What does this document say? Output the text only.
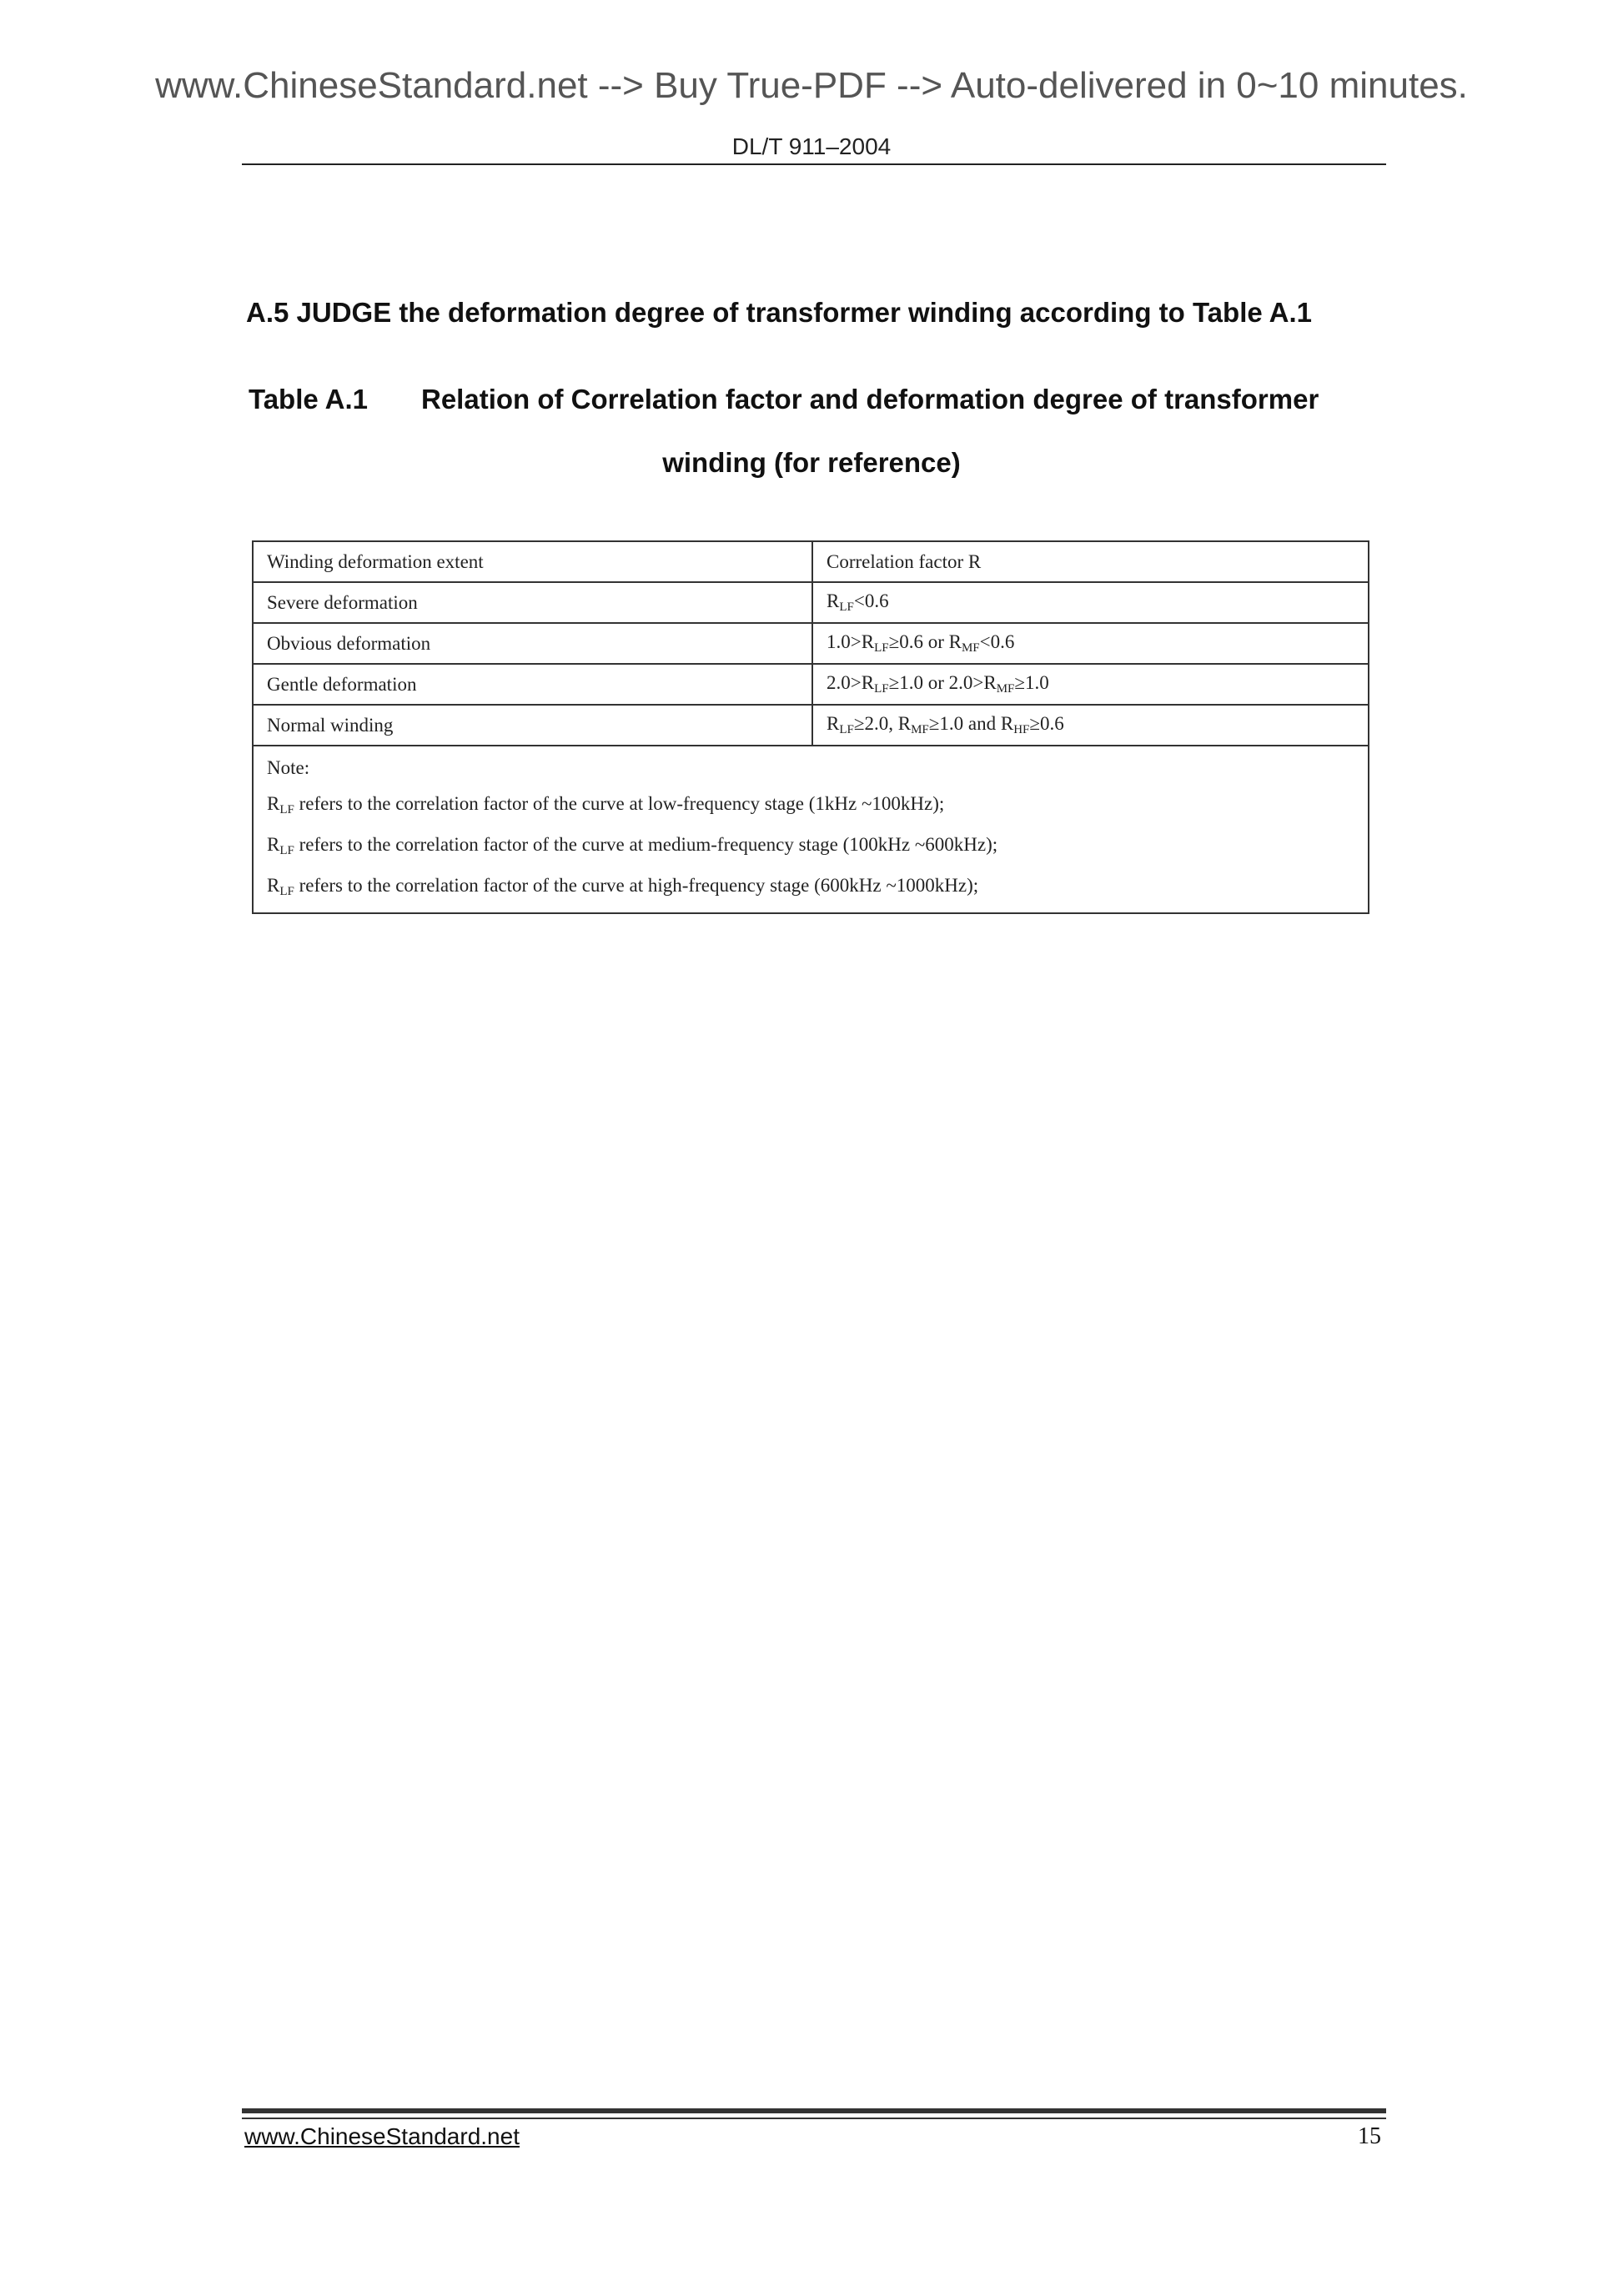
www.ChineseStandard.net --> Buy True-PDF --> Auto-delivered in 0~10 minutes.
DL/T 911–2004
A.5 JUDGE the deformation degree of transformer winding according to Table A.1
Table A.1 Relation of Correlation factor and deformation degree of transformer
winding (for reference)
Winding deformation extent	Correlation factor R
Severe deformation	$R_{LF}<0.6$
Obvious deformation	$1.0>R_{LF}\ge 0.6$ or $R_{MF}<0.6$
Gentle deformation	$2.0>R_{LF}\ge 1.0$ or $2.0>R_{MF}\ge 1.0$
Normal winding	$R_{LF}\ge 2.0$, $R_{MF}\ge 1.0$ and $R_{HF}\ge 0.6$

Note:
$R_{LF}$ refers to the correlation factor of the curve at low-frequency stage (1kHz ~100kHz);
$R_{LF}$ refers to the correlation factor of the curve at medium-frequency stage (100kHz ~600kHz);
$R_{LF}$ refers to the correlation factor of the curve at high-frequency stage (600kHz ~1000kHz);	
www.ChineseStandard.net	15
